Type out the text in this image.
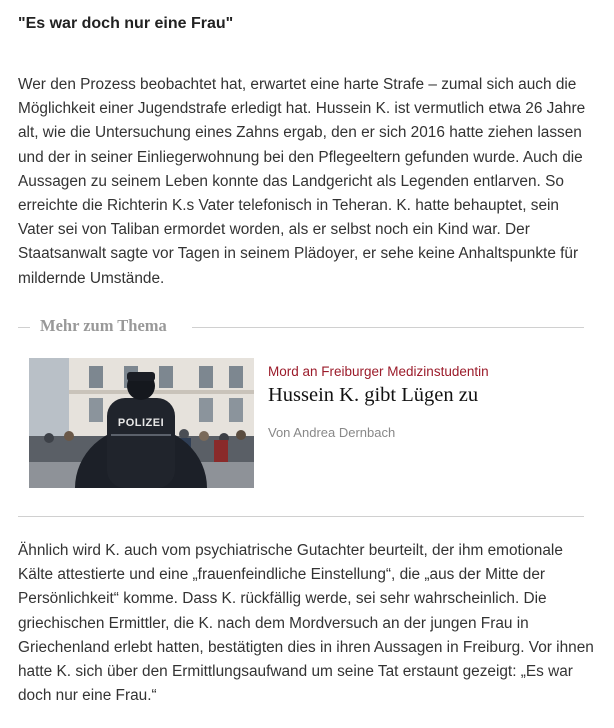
"Es war doch nur eine Frau"

Wer den Prozess beobachtet hat, erwartet eine harte Strafe – zumal sich auch die Möglichkeit einer Jugendstrafe erledigt hat. Hussein K. ist vermutlich etwa 26 Jahre alt, wie die Untersuchung eines Zahns ergab, den er sich 2016 hatte ziehen lassen und der in seiner Einliegerwohnung bei den Pflegeeltern gefunden wurde. Auch die Aussagen zu seinem Leben konnte das Landgericht als Legenden entlarven. So erreichte die Richterin K.s Vater telefonisch in Teheran. K. hatte behauptet, sein Vater sei von Taliban ermordet worden, als er selbst noch ein Kind war. Der Staatsanwalt sagte vor Tagen in seinem Plädoyer, er sehe keine Anhaltspunkte für mildernde Umstände.

Mehr zum Thema
POLIZEI
Mord an Freiburger Medizinstudentin
Hussein K. gibt Lügen zu
Von Andrea Dernbach

Ähnlich wird K. auch vom psychiatrische Gutachter beurteilt, der ihm emotionale Kälte attestierte und eine „frauenfeindliche Einstellung“, die „aus der Mitte der Persönlichkeit“ komme. Dass K. rückfällig werde, sei sehr wahrscheinlich. Die griechischen Ermittler, die K. nach dem Mordversuch an der jungen Frau in Griechenland erlebt hatten, bestätigten dies in ihren Aussagen in Freiburg. Vor ihnen hatte K. sich über den Ermittlungsaufwand um seine Tat erstaunt gezeigt: „Es war doch nur eine Frau.“
